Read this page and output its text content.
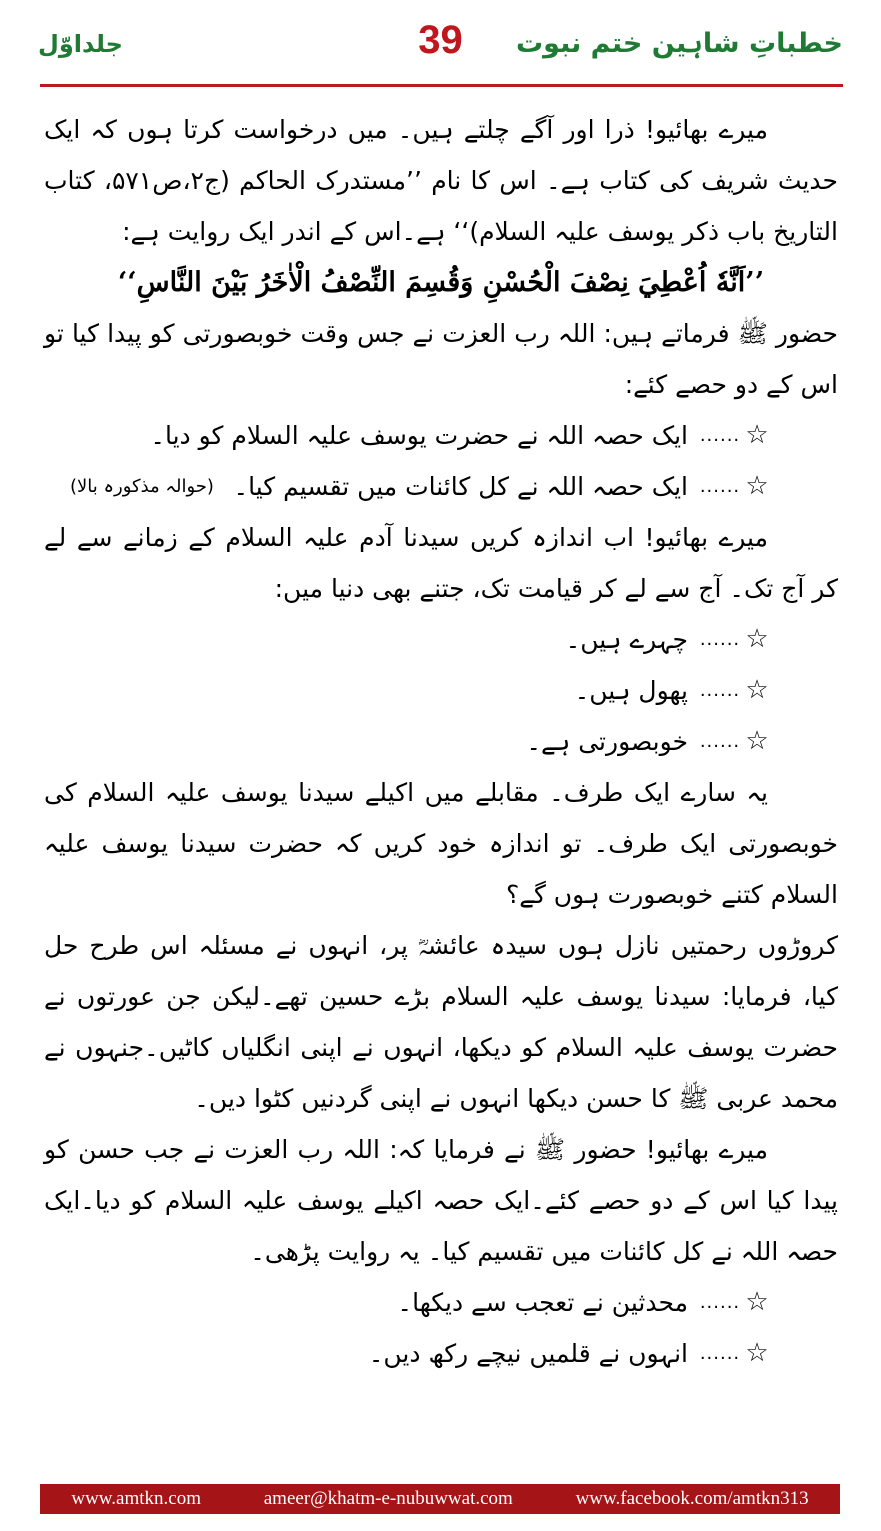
خطباتِ شاہین ختم نبوت
39
جلداوّل

میرے بھائیو! ذرا اور آگے چلتے ہیں۔ میں درخواست کرتا ہوں کہ ایک حدیث شریف کی کتاب ہے۔ اس کا نام ’’مستدرک الحاکم (ج۲،ص۵۷۱، کتاب التاریخ باب ذکر یوسف علیہ السلام)‘‘ ہے۔اس کے اندر ایک روایت ہے:

’’اَنَّهٗ اُعْطِيَ نِصْفَ الْحُسْنِ وَقُسِمَ النِّصْفُ الْاٰخَرُ بَيْنَ النَّاسِ‘‘

حضور ﷺ فرماتے ہیں: اللہ رب العزت نے جس وقت خوبصورتی کو پیدا کیا تو اس کے دو حصے کئے:

☆
......
ایک حصہ اللہ نے حضرت یوسف علیہ السلام کو دیا۔
☆
......
ایک حصہ اللہ نے کل کائنات میں تقسیم کیا۔
(حوالہ مذکورہ بالا)

میرے بھائیو! اب اندازہ کریں سیدنا آدم علیہ السلام کے زمانے سے لے کر آج تک۔ آج سے لے کر قیامت تک، جتنے بھی دنیا میں:

☆
......
چہرے ہیں۔
☆
......
پھول ہیں۔
☆
......
خوبصورتی ہے۔

یہ سارے ایک طرف۔ مقابلے میں اکیلے سیدنا یوسف علیہ السلام کی خوبصورتی ایک طرف۔ تو اندازہ خود کریں کہ حضرت سیدنا یوسف علیہ السلام کتنے خوبصورت ہوں گے؟

کروڑوں رحمتیں نازل ہوں سیدہ عائشہؓ پر، انہوں نے مسئلہ اس طرح حل کیا، فرمایا: سیدنا یوسف علیہ السلام بڑے حسین تھے۔لیکن جن عورتوں نے حضرت یوسف علیہ السلام کو دیکھا، انہوں نے اپنی انگلیاں کاٹیں۔جنہوں نے محمد عربی ﷺ کا حسن دیکھا انہوں نے اپنی گردنیں کٹوا دیں۔

میرے بھائیو! حضور ﷺ نے فرمایا کہ: اللہ رب العزت نے جب حسن کو پیدا کیا اس کے دو حصے کئے۔ایک حصہ اکیلے یوسف علیہ السلام کو دیا۔ایک حصہ اللہ نے کل کائنات میں تقسیم کیا۔ یہ روایت پڑھی۔

☆
......
محدثین نے تعجب سے دیکھا۔
☆
......
انہوں نے قلمیں نیچے رکھ دیں۔
www.amtkn.com	ameer@khatm-e-nubuwwat.com	www.facebook.com/amtkn313
